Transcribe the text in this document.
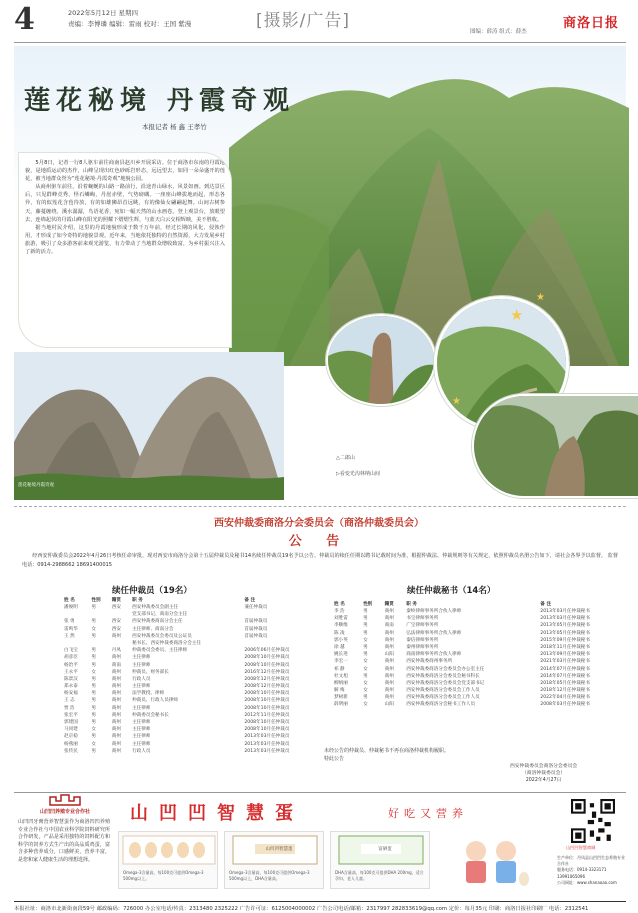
4	2022年5月12日 星期四
责编：李博璘 编辑：雷雨 校对：王国 紫漫	[摄影/广告]
图编：薛涛 组式：薛杰
商洛日报
莲花秘境 丹霞奇观
本报记者 杨 鑫 王孝竹

5月8日，记者一行8人驱车前往商南县赵川乡开展采访。位于商洛市东南的丹霞地貌，是地质运动的杰作，山峰呈现出红色砂砾岩形态，远远望去，如同一朵朵盛开的莲花，被当地群众誉为“莲花秘境·丹霞奇观”地貌公园。

从商州驱车前往，沿着蜿蜒的山路一路前行，沿途青山绿水，风景如画。到达景区后，只见群峰竞秀，怪石嶙峋，丹崖赤壁，气势磅礴。一座座山峰拔地而起，形态各异，有的似莲花含苞待放，有的如雄狮昂首远眺，有的像仙女翩翩起舞。山间古树参天，藤蔓缠绕，溪水潺潺，鸟语花香，宛如一幅天然的山水画卷。登上观景台，放眼望去，连绵起伏的丹霞山峰在阳光的照耀下熠熠生辉，与蓝天白云交相辉映，美不胜收。

据当地村民介绍，这里的丹霞地貌形成于数千万年前，经过长期的风化、侵蚀作用，才形成了如今奇特的地貌景观。近年来，当地依托独特的自然资源，大力发展乡村旅游，吸引了众多游客前来观光游览，有力带动了当地群众增收致富，为乡村振兴注入了新的活力。

莲花秘境丹霞奇观
★
★
★
△二郎山
▷看变光沟林纳山间
西安仲裁委商洛分会委员会（商洛仲裁委员会）
公 告
经西安仲裁委员会2022年4月26日考核任命审批，现对西安市商洛分会第十五届仲裁员及秘书14名续任仲裁员19名予以公告。仲裁员的续任任期以聘书记载时间为准，根据仲裁法、仲裁规则等有关规定，依照仲裁员名册公告如下，请社会各界予以监督。 监督电话：0914-2988662 18691400015
续任仲裁员（19名）
姓 名	性别	籍贯	职 务	备 注
潘俊明	男	西安	西安仲裁委员会副主任	兼任仲裁员
			党支部书记、商南分会主任	
张 勇	男	西安	西安仲裁委商南分会主任	首届仲裁员
雷鸣华	女	西安	主任律师、商南分会	首届仲裁员
王 然	男	商州	西安仲裁委员会委员及公证员	首届仲裁员
			秘书长、西安仲裁委商洛分会主任	
白飞宝	男	丹凤	仲裁委员会委员、主任律师	2006年06月任仲裁员
胡彦臣	男	商州	主任律师	2008年10月任仲裁员
杨治平	男	商南	主任律师	2008年10月任仲裁员
王永平	女	商州	仲裁员、财务部长	2016年12月任仲裁员
陈景汉	男	商州	行政人员	2008年12月任仲裁员
郑永泰	男	商州	主任律师	2008年12月任仲裁员
杨安福	男	商州	法学教授、律师	2008年10月任仲裁员
王 志	男	商州	仲裁员、行政人员律师	2008年10月任仲裁员
贾 浩	男	商州	主任律师	2008年10月任仲裁员
张宏平	男	商州	仲裁委员会秘书长	2012年11月任仲裁员
郭建国	男	商州	主任律师	2008年10月任仲裁员
马同建	女	商州	主任律师	2008年10月任仲裁员
赵京稳	男	商州	主任律师	2013年03月任仲裁员
杨燕丽	女	商州	主任律师	2013年03月任仲裁员
张传民	男	商州	行政人员	2013年03月任仲裁员
续任仲裁秘书（14名）
姓 名	性别	籍贯	职 务	备 注
李 浩	男	商州	秦岭律师事务所合伙人律师	2013年03月任仲裁秘书
刘胜雷	男	商州	书宝律师事务所	2013年03月任仲裁秘书
李顺维	男	商南	广宝律师事务所	2013年05月任仲裁秘书
陈 凌	男	商州	弘法律师事务所合伙人律师	2013年05月任仲裁秘书
郭小英	女	商州	秦信律师事务所	2015年09月任仲裁秘书
徐 越	男	商州	秦州律师事务所	2018年11月任仲裁秘书
姚长进	男	山阳	商南律师事务所合伙人律师	2013年09月任仲裁秘书
李宏一	女	商州	西安仲裁委商州事务所	2021年03月任仲裁秘书
祁 静	女	商州	西安仲裁委商洛分会委员会办公室主任	2014年07月任仲裁秘书
杜文旭	男	商州	西安仲裁委商洛分会委员会秘书科长	2014年07月任仲裁秘书
柳炳丽	女	商州	西安仲裁委商洛分会委员会党支部书记	2018年05月任仲裁秘书
解 梅	女	商州	西安仲裁委商洛分会委员会工作人员	2018年12月任仲裁秘书
梦树新	男	商州	西安仲裁委商洛分会委员会工作人员	2022年04月任仲裁秘书
薛明丽	女	山阳	西安仲裁委商洛分会秘书工作人员	2008年03月任仲裁秘书
未经公告的仲裁员、仲裁秘书不再在商洛仲裁机构履职。
特此公告
西安仲裁委员会商洛分会委员会
（商洛仲裁委员会）
2022年4月27日
山凹凹养殖专业合作社
山凹凹牙膏营养智慧蛋作为商洛凹凹养殖专业合作社与中国农业科学院饲料研究所合作研发，产品是采用独特的饲料配方和科学的饲养方式生产出的高品质鸡蛋，富含多种营养成分，口感鲜美，营养丰富，是您和家人健康生活的理想选择。
山凹凹智慧蛋	好吃又营养
Omega-3含量高，每100克可提供Omega-3 500mg以上。
山凹凹智慧蛋
Omega-3含量高，每100克可提供Omega-3 500mg以上，DHA含量高。
富硒蛋
DHA含量高，每100克可提供DHA 200mg，适合孕妇、老人儿童。
山凹凹智慧商城
生产单位：丹凤县山凹凹生态养殖专业合作社
服务电话：0914-3323171
13991065096
公司网址：www.shanaoao.com
本报社址：商洛市北新街南段59号 邮政编码：726000 办公室电话/传真：2313480 2325222 广告许可证：6125004000002 广告公司电话/邮箱：2317997 282833619@qq.com 定价：每月35元 印刷：商洛日报社印刷厂 电话：2312541
